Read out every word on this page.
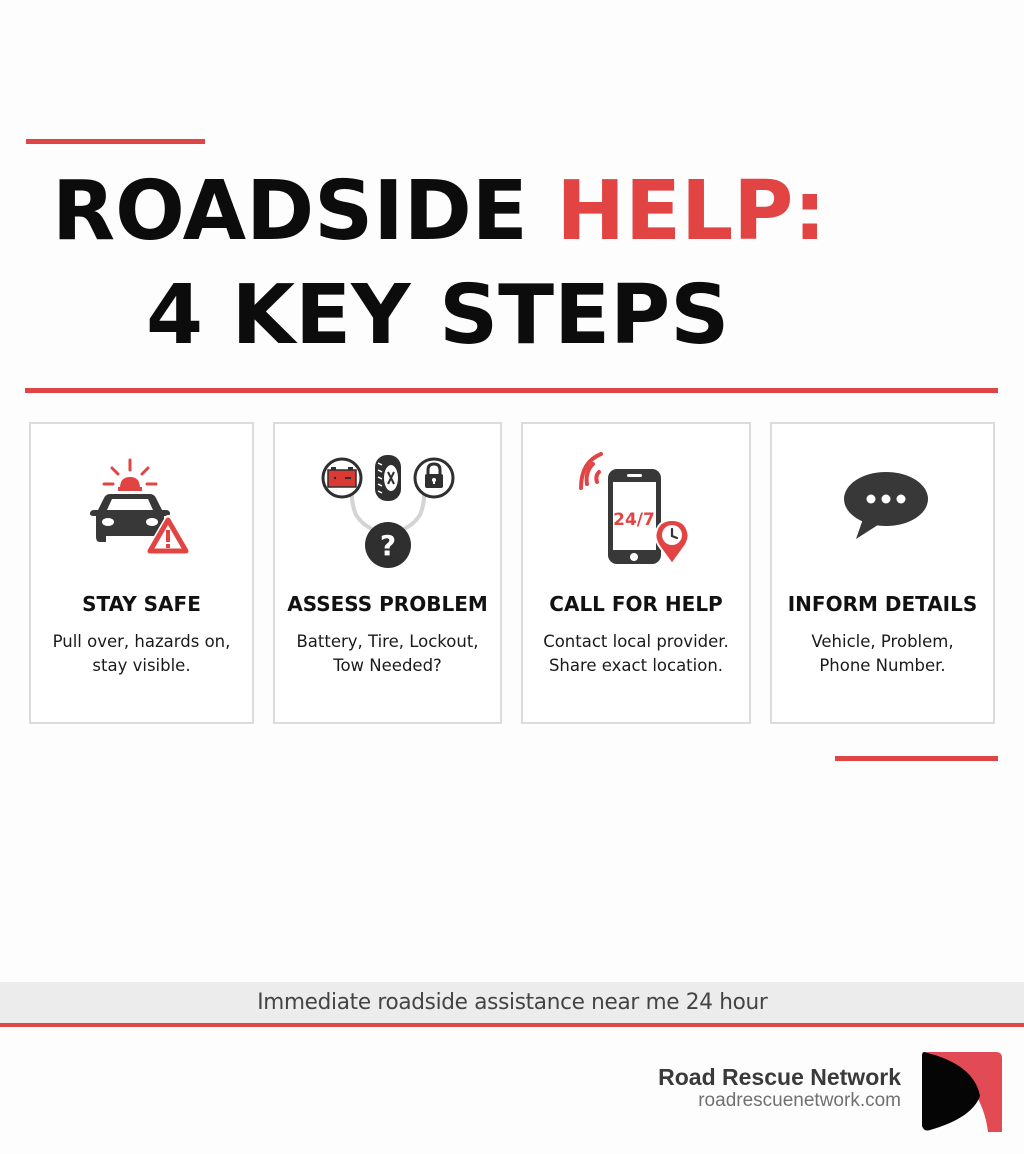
ROADSIDE HELP:
4 KEY STEPS
STAY SAFE
Pull over, hazards on,
stay visible.
?
ASSESS PROBLEM
Battery, Tire, Lockout,
Tow Needed?
24/7
CALL FOR HELP
Contact local provider.
Share exact location.
INFORM DETAILS
Vehicle, Problem,
Phone Number.
Immediate roadside assistance near me 24 hour
Road Rescue Network
roadrescuenetwork.com
